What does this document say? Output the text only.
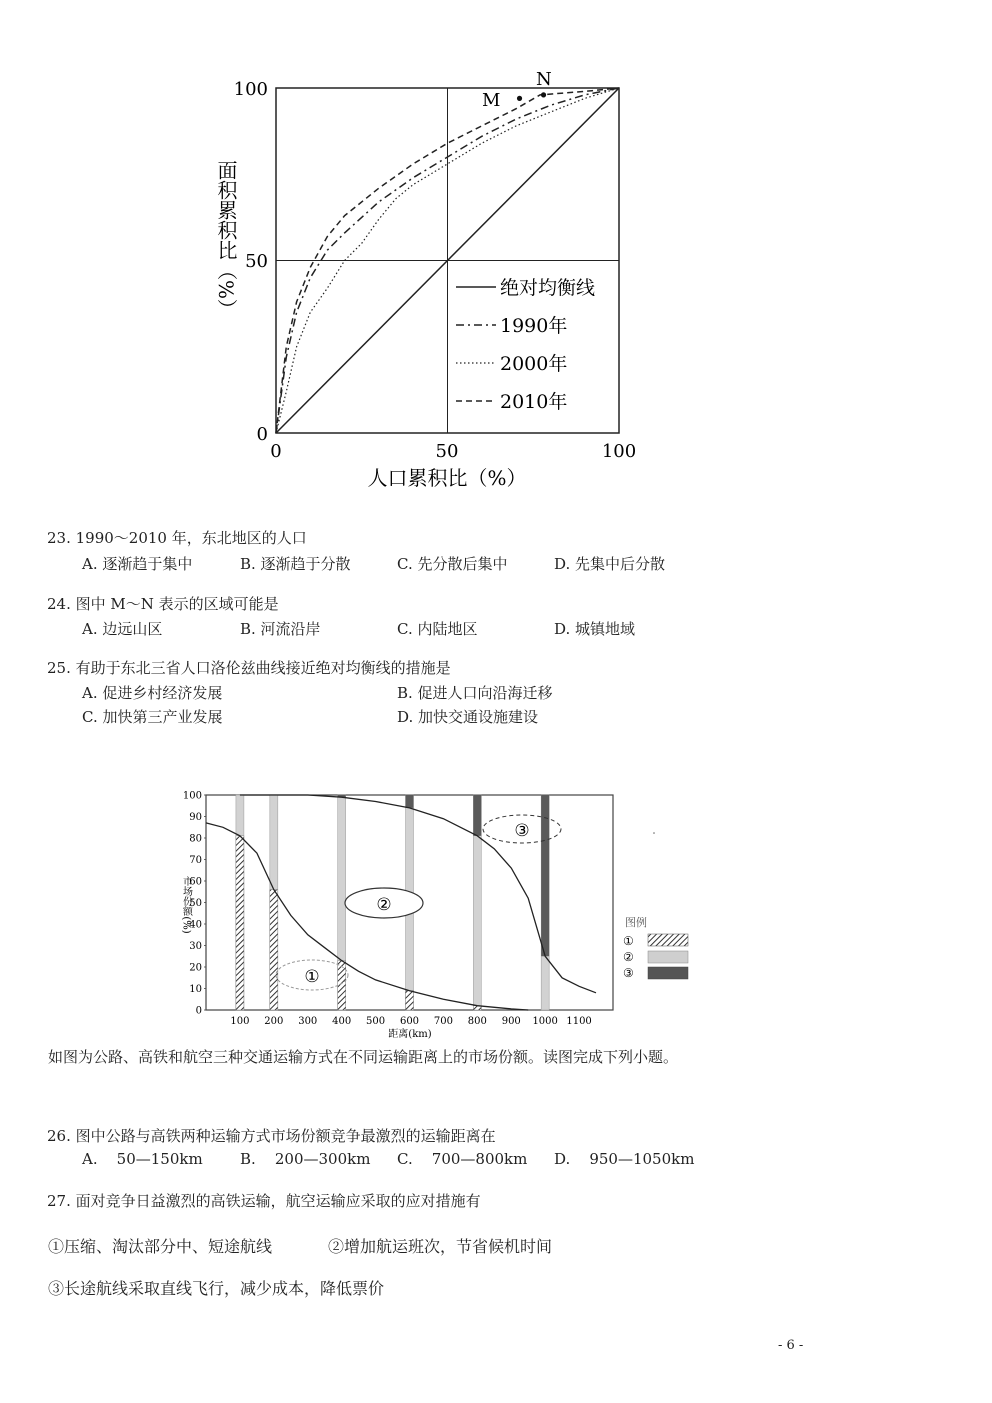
100
50
0
0	50	100
人口累积比（%）
面积累积比（%）
M
N
绝对均衡线
1990年
2000年
2010年
23. 1990～2010 年，东北地区的人口
A. 逐渐趋于集中	B. 逐渐趋于分散	C. 先分散后集中	D. 先集中后分散
24. 图中 M～N 表示的区域可能是
A. 边远山区	B. 河流沿岸	C. 内陆地区	D. 城镇地域
25. 有助于东北三省人口洛伦兹曲线接近绝对均衡线的措施是
A. 促进乡村经济发展	B. 促进人口向沿海迁移
C. 加快第三产业发展	D. 加快交通设施建设
100
90
80
70
60
50
40
30
20
10
0
100 200 300 400 500 600 700 800 900 1000 1100
市场份额(%)
距离(km)
①
②
③
图例
①
②
③
如图为公路、高铁和航空三种交通运输方式在不同运输距离上的市场份额。读图完成下列小题。
26. 图中公路与高铁两种运输方式市场份额竞争最激烈的运输距离在
A.    50—150km B.    200—300km C.    700—800km D.    950—1050km
27. 面对竞争日益激烈的高铁运输，航空运输应采取的应对措施有
①压缩、淘汰部分中、短途航线	②增加航运班次，节省候机时间
③长途航线采取直线飞行，减少成本，降低票价
- 6 -
